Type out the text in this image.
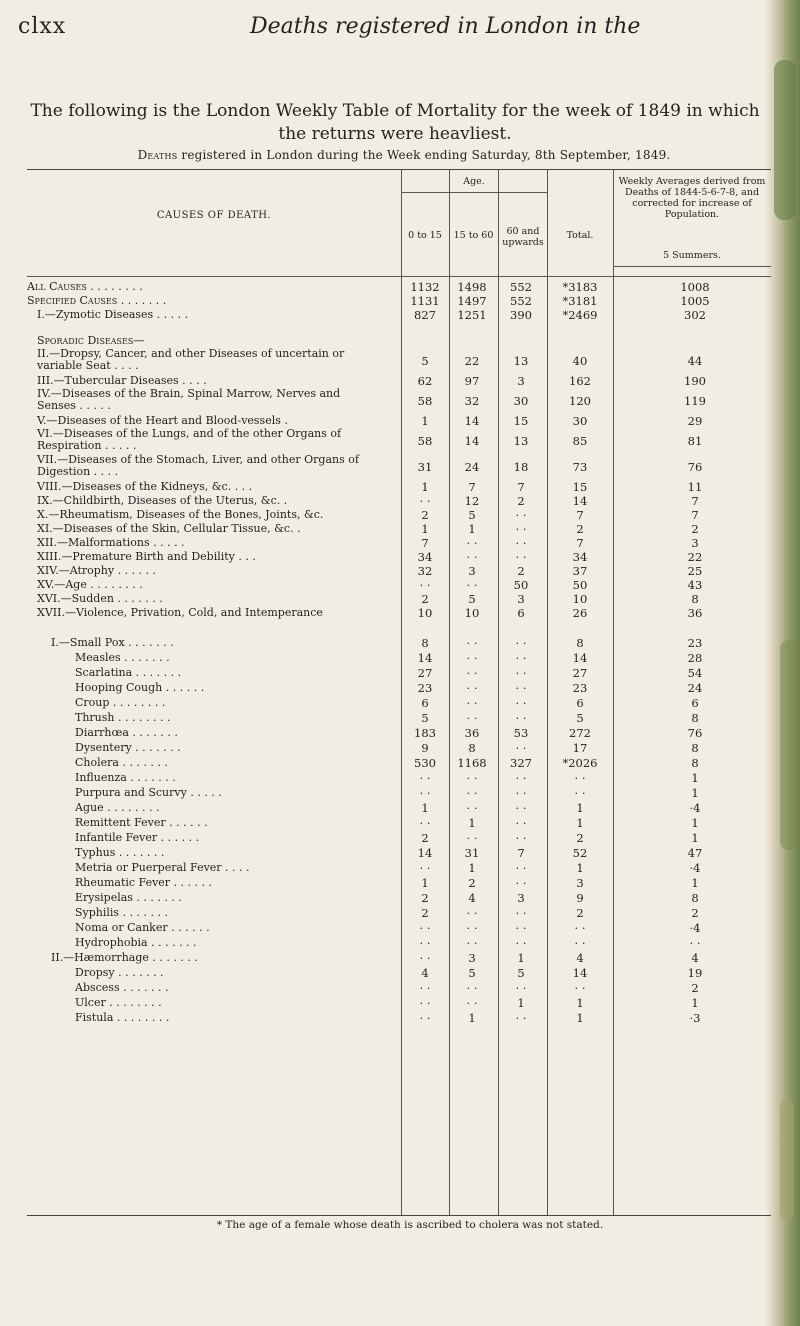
clxx	Deaths registered in London in the
The following is the London Weekly Table of Mortality for the week of 1849 in which the returns were heavliest.
Deaths registered in London during the Week ending Saturday, 8th September, 1849.
CAUSES OF DEATH.
Age.
0 to 15	15 to 60	60 and upwards
Total.
Weekly Averages derived from Deaths of 1844-5-6-7-8, and corrected for increase of Population.
5 Summers.
All Causes . . . . . . . .	1132	1498	552	*3183	1008
Specified Causes . . . . . . .	1131	1497	552	*3181	1005
I.—Zymotic Diseases . . . . .	827	1251	390	*2469	302
Sporadic Diseases—
II.—Dropsy, Cancer, and other Diseases of uncertain or variable Seat . . . .	5	22	13	40	44
III.—Tubercular Diseases . . . .	62	97	3	162	190
IV.—Diseases of the Brain, Spinal Marrow, Nerves and Senses . . . . .	58	32	30	120	119
V.—Diseases of the Heart and Blood-vessels .	1	14	15	30	29
VI.—Diseases of the Lungs, and of the other Organs of Respiration . . . . .	58	14	13	85	81
VII.—Diseases of the Stomach, Liver, and other Organs of Digestion . . . .	31	24	18	73	76
VIII.—Diseases of the Kidneys, &c. . . .	1	7	7	15	11
IX.—Childbirth, Diseases of the Uterus, &c. .	· ·	12	2	14	7
X.—Rheumatism, Diseases of the Bones, Joints, &c.	2	5	· ·	7	7
XI.—Diseases of the Skin, Cellular Tissue, &c. .	1	1	· ·	2	2
XII.—Malformations . . . . .	7	· ·	· ·	7	3
XIII.—Premature Birth and Debility . . .	34	· ·	· ·	34	22
XIV.—Atrophy . . . . . .	32	3	2	37	25
XV.—Age . . . . . . . .	· ·	· ·	50	50	43
XVI.—Sudden . . . . . . .	2	5	3	10	8
XVII.—Violence, Privation, Cold, and Intemperance	10	10	6	26	36
I.—Small Pox . . . . . . .	8	· ·	· ·	8	23
Measles . . . . . . .	14	· ·	· ·	14	28
Scarlatina . . . . . . .	27	· ·	· ·	27	54
Hooping Cough . . . . . .	23	· ·	· ·	23	24
Croup . . . . . . . .	6	· ·	· ·	6	6
Thrush . . . . . . . .	5	· ·	· ·	5	8
Diarrhœa . . . . . . .	183	36	53	272	76
Dysentery . . . . . . .	9	8	· ·	17	8
Cholera . . . . . . .	530	1168	327	*2026	8
Influenza . . . . . . .	· ·	· ·	· ·	· ·	1
Purpura and Scurvy . . . . .	· ·	· ·	· ·	· ·	1
Ague . . . . . . . .	1	· ·	· ·	1	·4
Remittent Fever . . . . . .	· ·	1	· ·	1	1
Infantile Fever . . . . . .	2	· ·	· ·	2	1
Typhus . . . . . . .	14	31	7	52	47
Metria or Puerperal Fever . . . .	· ·	1	· ·	1	·4
Rheumatic Fever . . . . . .	1	2	· ·	3	1
Erysipelas . . . . . . .	2	4	3	9	8
Syphilis . . . . . . .	2	· ·	· ·	2	2
Noma or Canker . . . . . .	· ·	· ·	· ·	· ·	·4
Hydrophobia . . . . . . .	· ·	· ·	· ·	· ·	· ·
II.—Hæmorrhage . . . . . . .	· ·	3	1	4	4
Dropsy . . . . . . .	4	5	5	14	19
Abscess . . . . . . .	· ·	· ·	· ·	· ·	2
Ulcer . . . . . . . .	· ·	· ·	1	1	1
Fistula . . . . . . . .	· ·	1	· ·	1	·3
* The age of a female whose death is ascribed to cholera was not stated.
